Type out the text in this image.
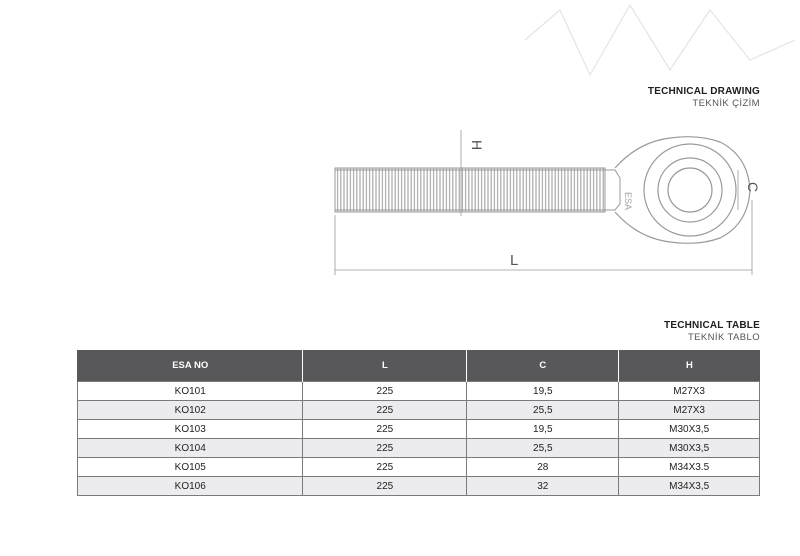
TECHNICAL DRAWING
TEKNİK ÇİZİM
ESA
H
C
L
TECHNICAL TABLE
TEKNİK TABLO
ESA NO	L	C	H
KO101	225	19,5	M27X3
KO102	225	25,5	M27X3
KO103	225	19,5	M30X3,5
KO104	225	25,5	M30X3,5
KO105	225	28	M34X3.5
KO106	225	32	M34X3,5
